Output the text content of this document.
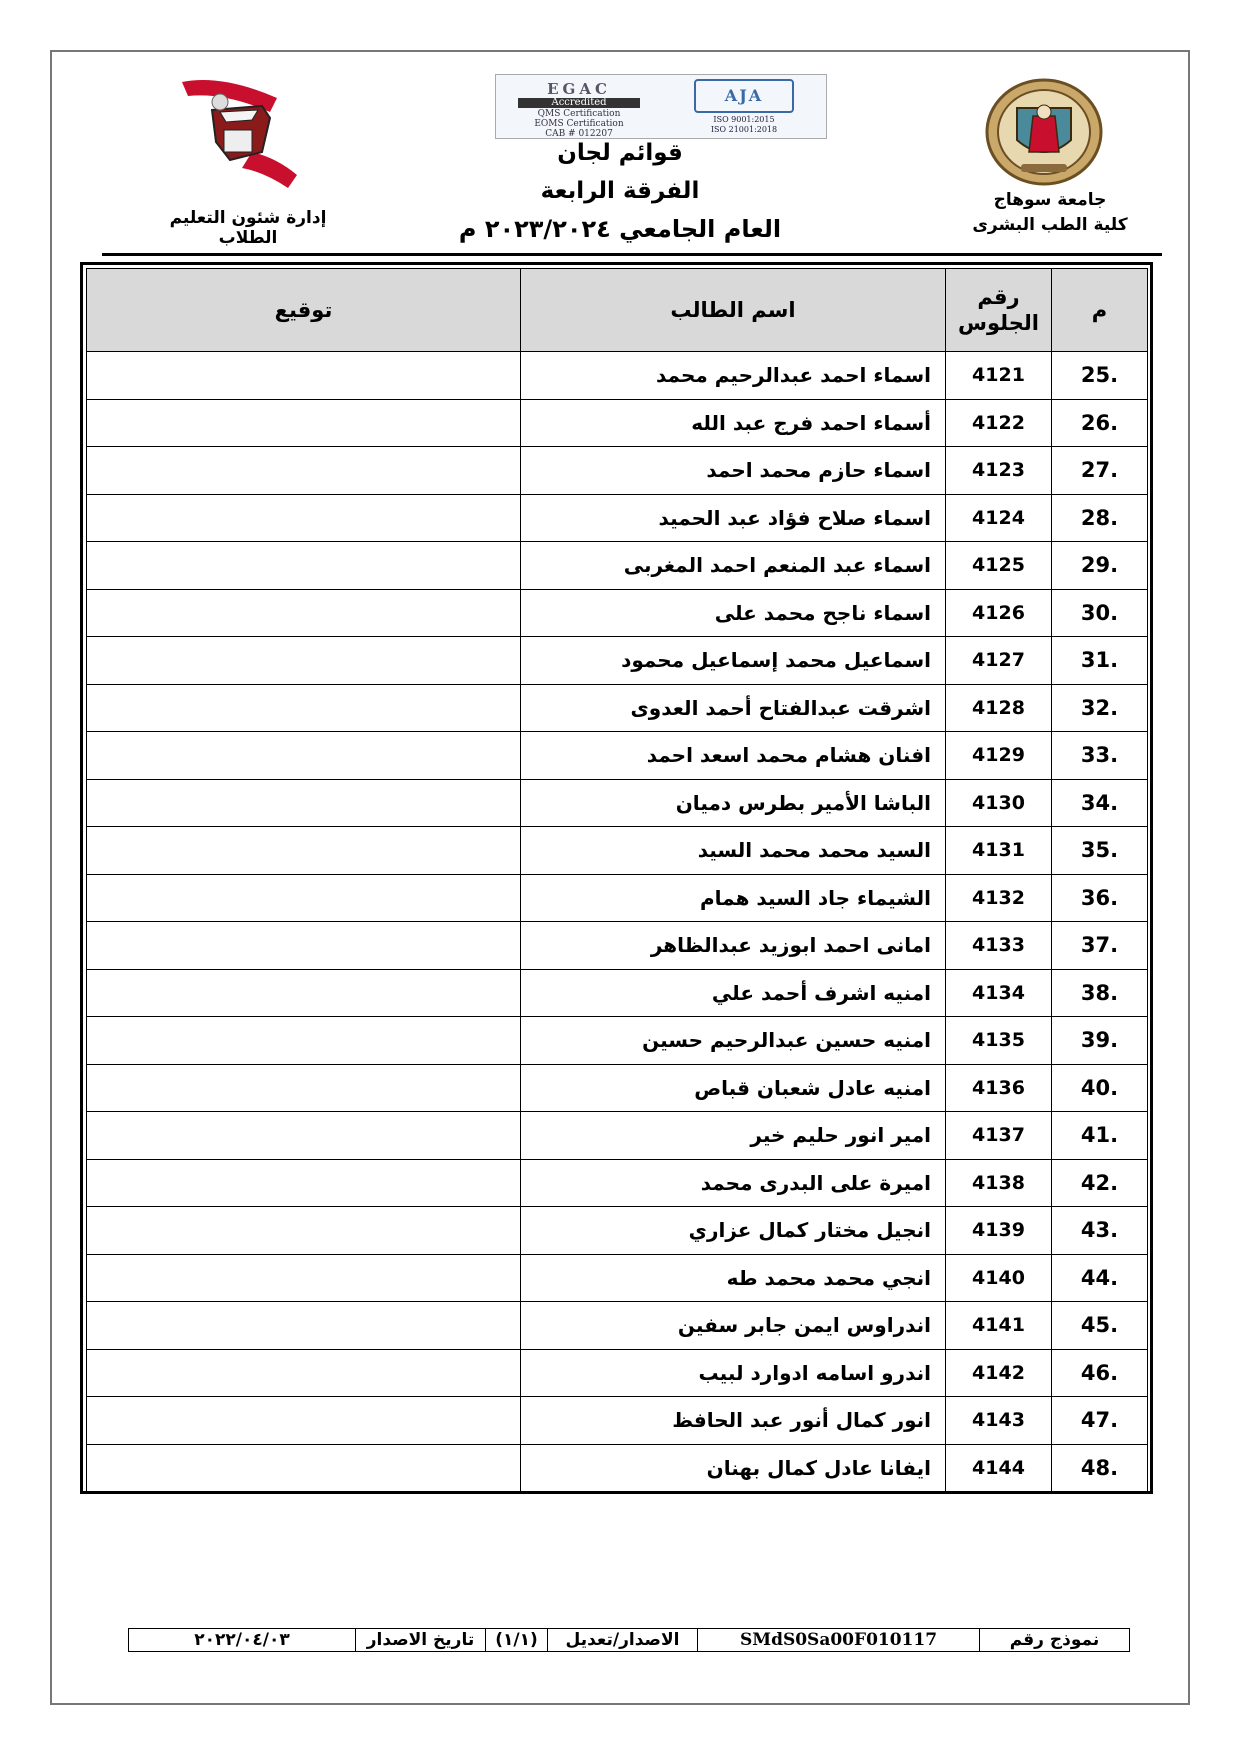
EGAC
Accredited
QMS Certification
EOMS Certification
CAB # 012207
AJA
ISO 9001:2015
ISO 21001:2018
جامعة سوهاج
كلية الطب البشرى
إدارة شئون التعليم الطلاب
قوائم لجان
الفرقة الرابعة
العام الجامعي ٢٠٢٣/٢٠٢٤ م
م	رقم الجلوس	اسم الطالب	توقيع
25.	4121	اسماء احمد عبدالرحيم محمد	
26.	4122	أسماء احمد فرج عبد الله	
27.	4123	اسماء حازم محمد احمد	
28.	4124	اسماء صلاح فؤاد عبد الحميد	
29.	4125	اسماء عبد المنعم احمد المغربى	
30.	4126	اسماء ناجح محمد على	
31.	4127	اسماعيل محمد إسماعيل محمود	
32.	4128	اشرقت عبدالفتاح أحمد العدوى	
33.	4129	افنان هشام محمد اسعد احمد	
34.	4130	الباشا الأمير بطرس دميان	
35.	4131	السيد محمد محمد السيد	
36.	4132	الشيماء جاد السيد همام	
37.	4133	امانى احمد ابوزيد عبدالظاهر	
38.	4134	امنيه اشرف أحمد علي	
39.	4135	امنيه حسين عبدالرحيم حسين	
40.	4136	امنيه عادل شعبان قباص	
41.	4137	امير انور حليم خير	
42.	4138	اميرة على البدرى محمد	
43.	4139	انجيل مختار كمال عزاري	
44.	4140	انجي محمد محمد طه	
45.	4141	اندراوس ايمن جابر سفين	
46.	4142	اندرو اسامه ادوارد لبيب	
47.	4143	انور كمال أنور عبد الحافظ	
48.	4144	ايفانا عادل كمال بهنان	
نموذج رقم
SMdS0Sa00F010117
الاصدار/تعديل
(١/١)
تاريخ الاصدار
٢٠٢٢/٠٤/٠٣
